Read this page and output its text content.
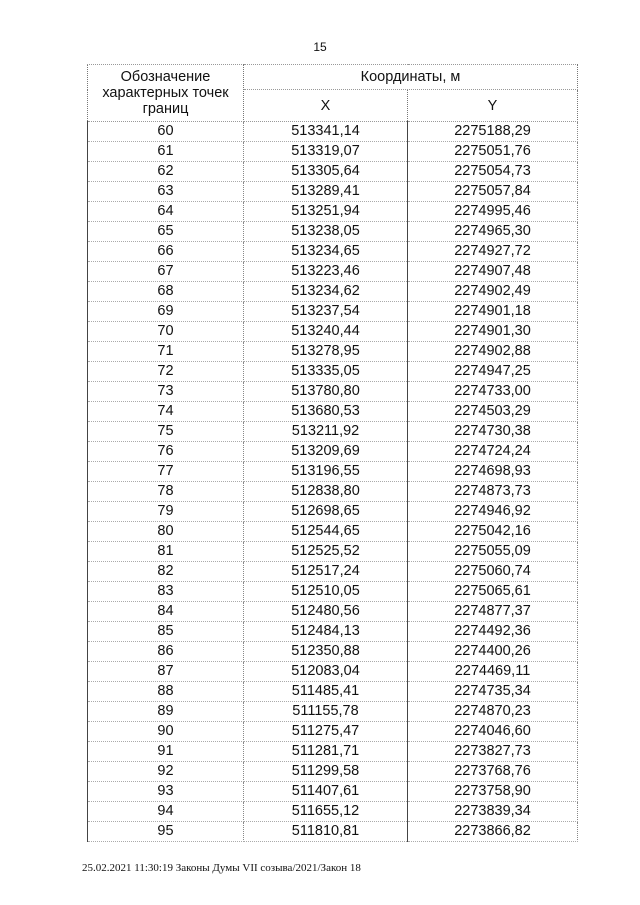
15
Обозначение характерных точек границ	Координаты, м	
	X	Y
60	513341,14	2275188,29
61	513319,07	2275051,76
62	513305,64	2275054,73
63	513289,41	2275057,84
64	513251,94	2274995,46
65	513238,05	2274965,30
66	513234,65	2274927,72
67	513223,46	2274907,48
68	513234,62	2274902,49
69	513237,54	2274901,18
70	513240,44	2274901,30
71	513278,95	2274902,88
72	513335,05	2274947,25
73	513780,80	2274733,00
74	513680,53	2274503,29
75	513211,92	2274730,38
76	513209,69	2274724,24
77	513196,55	2274698,93
78	512838,80	2274873,73
79	512698,65	2274946,92
80	512544,65	2275042,16
81	512525,52	2275055,09
82	512517,24	2275060,74
83	512510,05	2275065,61
84	512480,56	2274877,37
85	512484,13	2274492,36
86	512350,88	2274400,26
87	512083,04	2274469,11
88	511485,41	2274735,34
89	511155,78	2274870,23
90	511275,47	2274046,60
91	511281,71	2273827,73
92	511299,58	2273768,76
93	511407,61	2273758,90
94	511655,12	2273839,34
95	511810,81	2273866,82
25.02.2021 11:30:19 Законы Думы VII созыва/2021/Закон 18
